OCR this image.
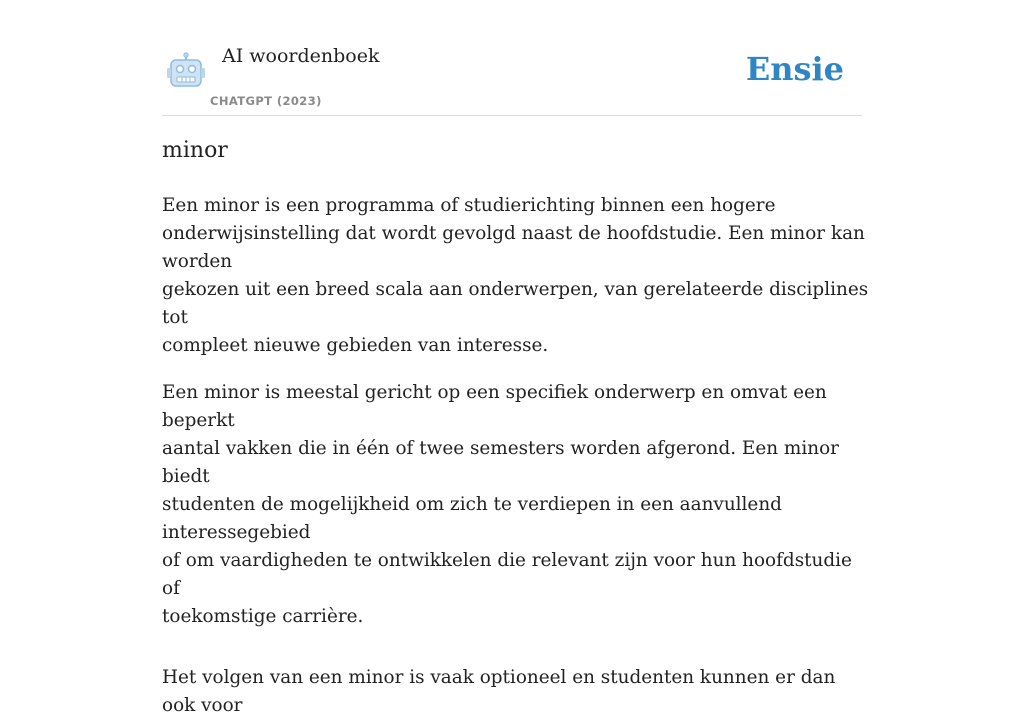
AI woordenboek
CHATGPT (2023)
Ensie
minor

Een minor is een programma of studierichting binnen een hogere
onderwijsinstelling dat wordt gevolgd naast de hoofdstudie. Een minor kan worden
gekozen uit een breed scala aan onderwerpen, van gerelateerde disciplines tot
compleet nieuwe gebieden van interesse.

Een minor is meestal gericht op een specifiek onderwerp en omvat een beperkt
aantal vakken die in één of twee semesters worden afgerond. Een minor biedt
studenten de mogelijkheid om zich te verdiepen in een aanvullend interessegebied
of om vaardigheden te ontwikkelen die relevant zijn voor hun hoofdstudie of
toekomstige carrière.

Het volgen van een minor is vaak optioneel en studenten kunnen er dan ook voor
